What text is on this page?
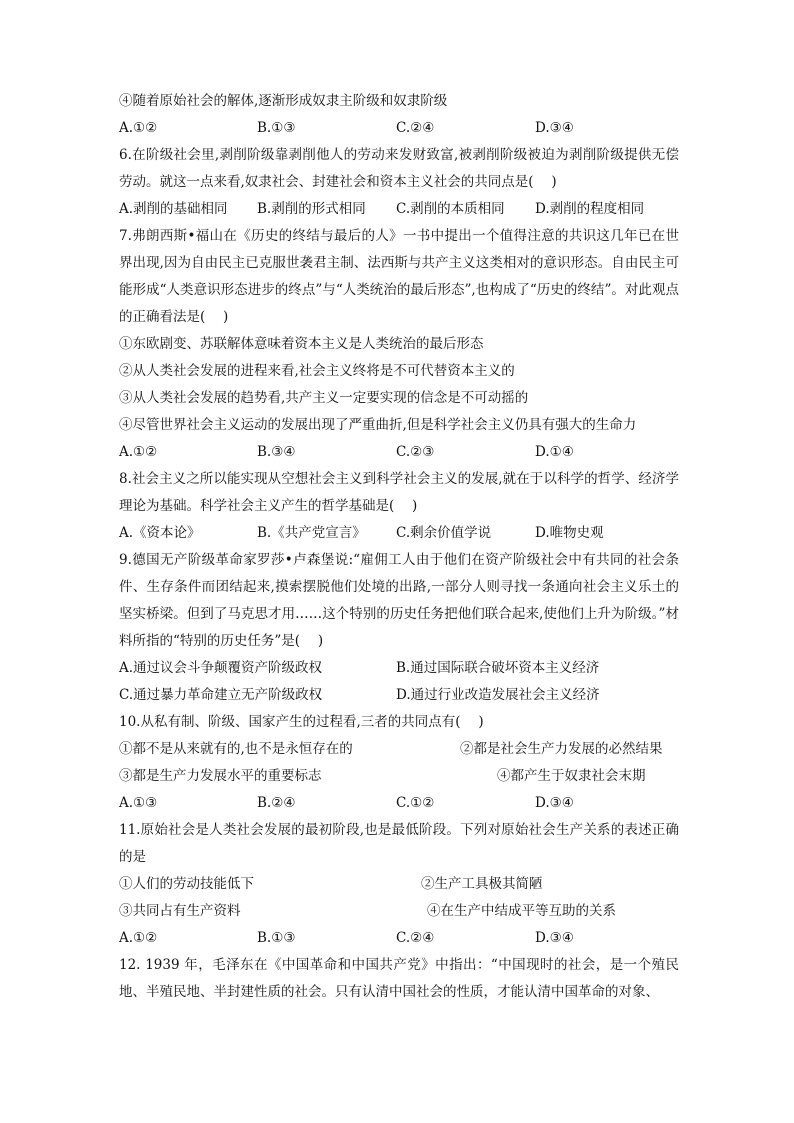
④随着原始社会的解体,逐渐形成奴隶主阶级和奴隶阶级
A.①②	B.①③	C.②④	D.③④
6.在阶级社会里,剥削阶级靠剥削他人的劳动来发财致富,被剥削阶级被迫为剥削阶级提供无偿劳动。就这一点来看,奴隶社会、封建社会和资本主义社会的共同点是(　 )
A.剥削的基础相同 B.剥削的形式相同 C.剥削的本质相同 D.剥削的程度相同
7.弗朗西斯•福山在《历史的终结与最后的人》一书中提出一个值得注意的共识这几年已在世界出现,因为自由民主已克服世袭君主制、法西斯与共产主义这类相对的意识形态。自由民主可能形成“人类意识形态进步的终点”与“人类统治的最后形态”,也构成了“历史的终结”。对此观点的正确看法是(　 )
①东欧剧变、苏联解体意味着资本主义是人类统治的最后形态
②从人类社会发展的进程来看,社会主义终将是不可代替资本主义的
③从人类社会发展的趋势看,共产主义一定要实现的信念是不可动摇的
④尽管世界社会主义运动的发展出现了严重曲折,但是科学社会主义仍具有强大的生命力
A.①②	B.③④	C.②③	D.①④
8.社会主义之所以能实现从空想社会主义到科学社会主义的发展,就在于以科学的哲学、经济学理论为基础。科学社会主义产生的哲学基础是(　 )
A.《资本论》	B.《共产党宣言》 C.剩余价值学说	D.唯物史观
9.德国无产阶级革命家罗莎•卢森堡说:“雇佣工人由于他们在资产阶级社会中有共同的社会条件、生存条件而团结起来,摸索摆脱他们处境的出路,一部分人则寻找一条通向社会主义乐土的坚实桥梁。但到了马克思才用……这个特别的历史任务把他们联合起来,使他们上升为阶级。”材料所指的“特别的历史任务”是(　 )
A.通过议会斗争颠覆资产阶级政权	B.通过国际联合破坏资本主义经济
C.通过暴力革命建立无产阶级政权	D.通过行业改造发展社会主义经济
10.从私有制、阶级、国家产生的过程看,三者的共同点有(　 )
①都不是从来就有的,也不是永恒存在的	②都是社会生产力发展的必然结果
③都是生产力发展水平的重要标志	④都产生于奴隶社会末期
A.①③	B.②④	C.①②	D.③④
11.原始社会是人类社会发展的最初阶段,也是最低阶段。下列对原始社会生产关系的表述正确的是
①人们的劳动技能低下	②生产工具极其简陋
③共同占有生产资料	④在生产中结成平等互助的关系
A.①②	B.①③	C.②④	D.③④
12. 1939 年，毛泽东在《中国革命和中国共产党》中指出：“中国现时的社会，是一个殖民地、半殖民地、半封建性质的社会。只有认清中国社会的性质，才能认清中国革命的对象、
